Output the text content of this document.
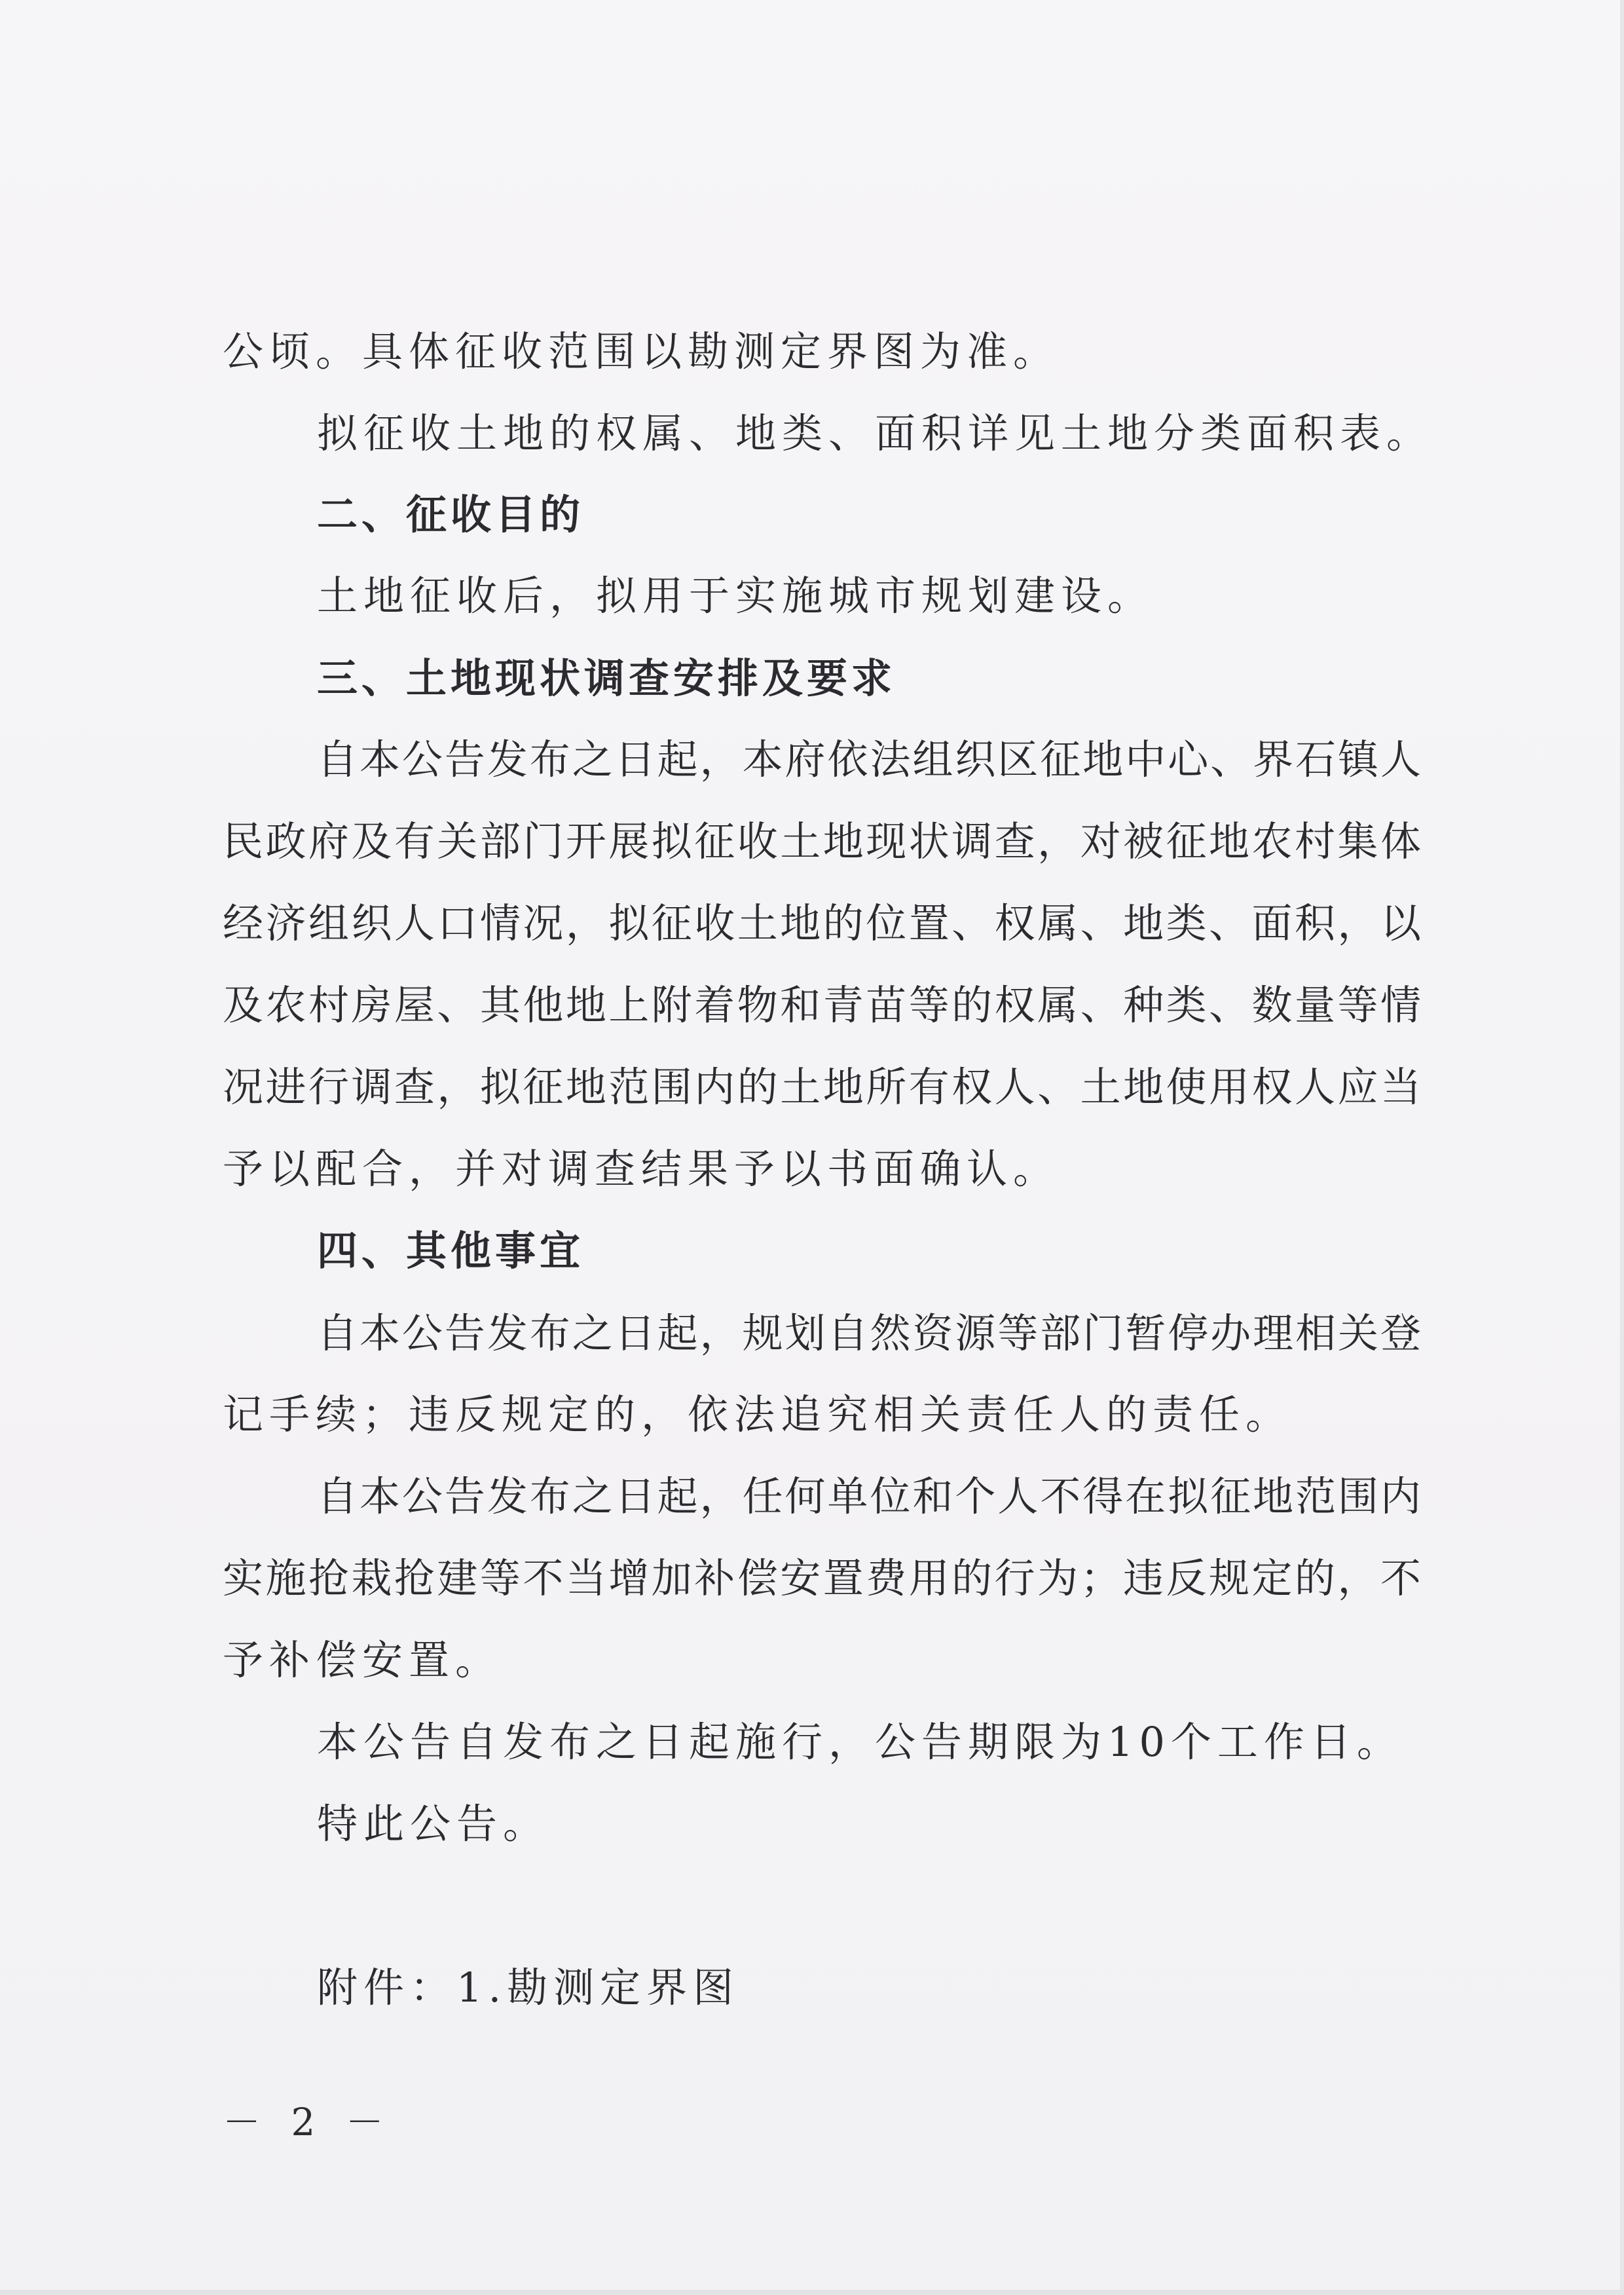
公顷。具体征收范围以勘测定界图为准。
拟征收土地的权属、地类、面积详见土地分类面积表。
二、征收目的
土地征收后，拟用于实施城市规划建设。
三、土地现状调查安排及要求
自本公告发布之日起，本府依法组织区征地中心、界石镇人
民政府及有关部门开展拟征收土地现状调查，对被征地农村集体
经济组织人口情况，拟征收土地的位置、权属、地类、面积，以
及农村房屋、其他地上附着物和青苗等的权属、种类、数量等情
况进行调查，拟征地范围内的土地所有权人、土地使用权人应当
予以配合，并对调查结果予以书面确认。
四、其他事宜
自本公告发布之日起，规划自然资源等部门暂停办理相关登
记手续；违反规定的，依法追究相关责任人的责任。
自本公告发布之日起，任何单位和个人不得在拟征地范围内
实施抢栽抢建等不当增加补偿安置费用的行为；违反规定的，不
予补偿安置。
本公告自发布之日起施行，公告期限为10个工作日。
特此公告。
附件：1.勘测定界图
－ 2 －
